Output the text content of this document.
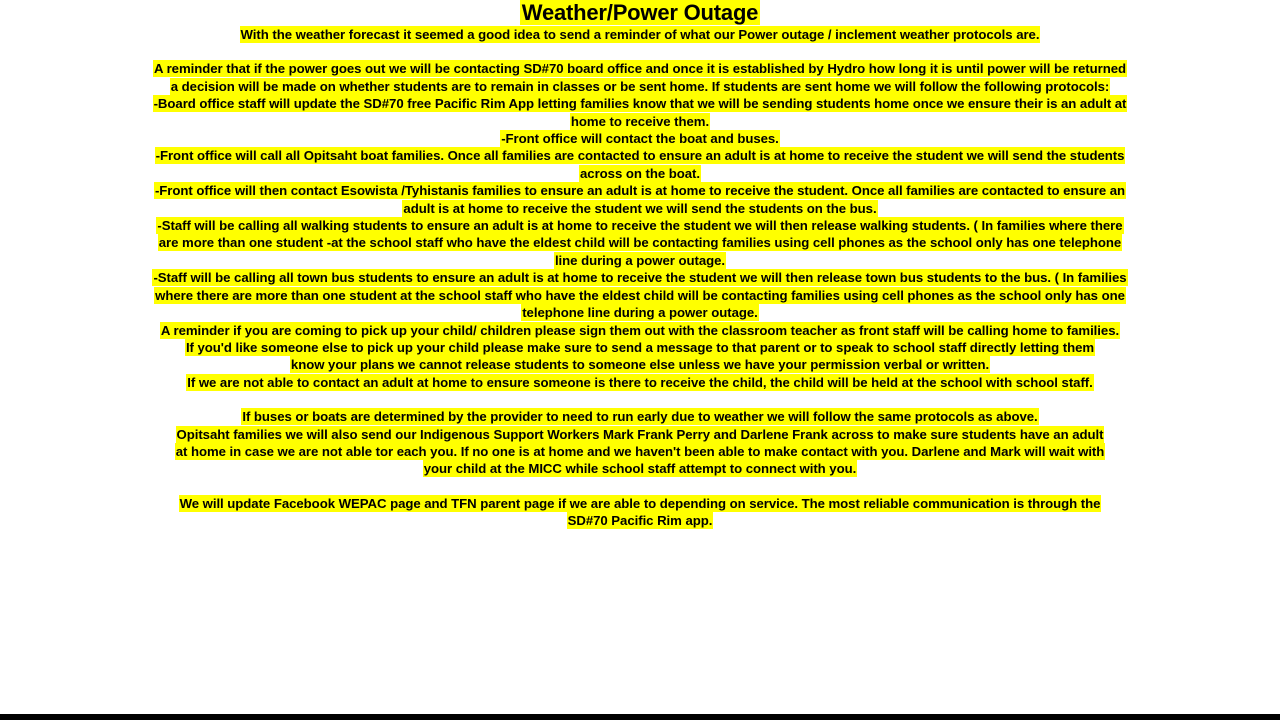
Weather/Power Outage
With the weather forecast it seemed a good idea to send a reminder of what our Power outage / inclement weather protocols are.
A reminder that if the power goes out we will be contacting SD#70 board office and once it is established by Hydro how long it is until power will be returned a decision will be made on whether students are to remain in classes or be sent home. If students are sent home we will follow the following protocols:
-Board office staff will update the SD#70 free Pacific Rim App letting families know that we will be sending students home once we ensure their is an adult at home to receive them.
-Front office will contact the boat and buses.
-Front office will call all Opitsaht boat families. Once all families are contacted to ensure an adult is at home to receive the student we will send the students across on the boat.
-Front office will then contact Esowista /Tyhistanis families to ensure an adult is at home to receive the student. Once all families are contacted to ensure an adult is at home to receive the student we will send the students on the bus.
-Staff will be calling all walking students to ensure an adult is at home to receive the student we will then release walking students. ( In families where there are more than one student -at the school staff who have the eldest child will be contacting families using cell phones as the school only has one telephone line during a power outage.
-Staff will be calling all town bus students to ensure an adult is at home to receive the student we will then release town bus students to the bus. ( In families where there are more than one student at the school staff who have the eldest child will be contacting families using cell phones as the school only has one telephone line during a power outage.
A reminder if you are coming to pick up your child/ children please sign them out with the classroom teacher as front staff will be calling home to families.
If you'd like someone else to pick up your child please make sure to send a message to that parent or to speak to school staff directly letting them know your plans we cannot release students to someone else unless we have your permission verbal or written.
If we are not able to contact an adult at home to ensure someone is there to receive the child, the child will be held at the school with school staff.
If buses or boats are determined by the provider to need to run early due to weather we will follow the same protocols as above.
Opitsaht families we will also send our Indigenous Support Workers Mark Frank Perry and Darlene Frank across to make sure students have an adult at home in case we are not able tor each you. If no one is at home and we haven't been able to make contact with you. Darlene and Mark will wait with your child at the MICC while school staff attempt to connect with you.
We will update Facebook WEPAC page and TFN parent page if we are able to depending on service. The most reliable communication is through the SD#70 Pacific Rim app.
